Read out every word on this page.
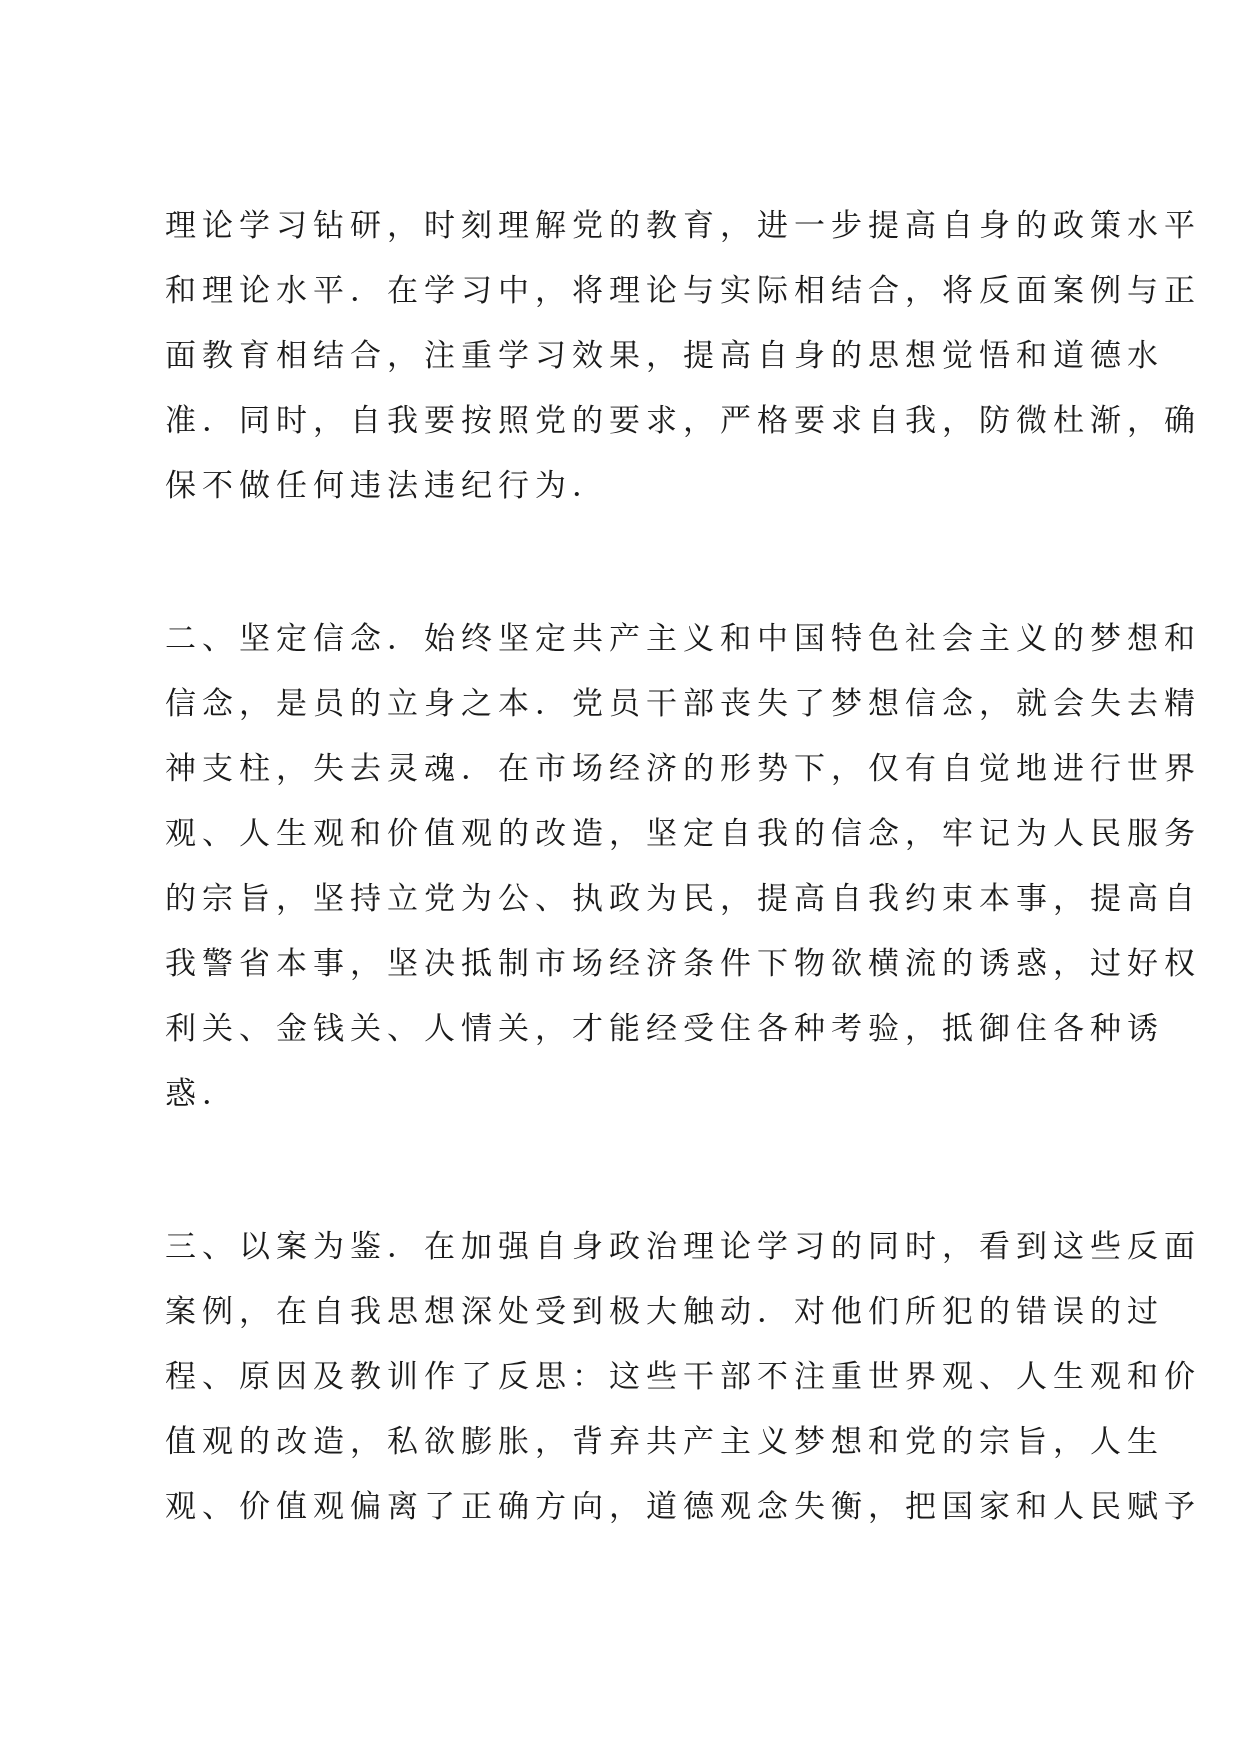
理论学习钻研，时刻理解党的教育，进一步提高自身的政策水平
和理论水平．在学习中，将理论与实际相结合，将反面案例与正
面教育相结合，注重学习效果，提高自身的思想觉悟和道德水
准．同时，自我要按照党的要求，严格要求自我，防微杜渐，确
保不做任何违法违纪行为．
二、坚定信念．始终坚定共产主义和中国特色社会主义的梦想和
信念，是员的立身之本．党员干部丧失了梦想信念，就会失去精
神支柱，失去灵魂．在市场经济的形势下，仅有自觉地进行世界
观、人生观和价值观的改造，坚定自我的信念，牢记为人民服务
的宗旨，坚持立党为公、执政为民，提高自我约束本事，提高自
我警省本事，坚决抵制市场经济条件下物欲横流的诱惑，过好权
利关、金钱关、人情关，才能经受住各种考验，抵御住各种诱
惑．
三、以案为鉴．在加强自身政治理论学习的同时，看到这些反面
案例，在自我思想深处受到极大触动．对他们所犯的错误的过
程、原因及教训作了反思：这些干部不注重世界观、人生观和价
值观的改造，私欲膨胀，背弃共产主义梦想和党的宗旨，人生
观、价值观偏离了正确方向，道德观念失衡，把国家和人民赋予
